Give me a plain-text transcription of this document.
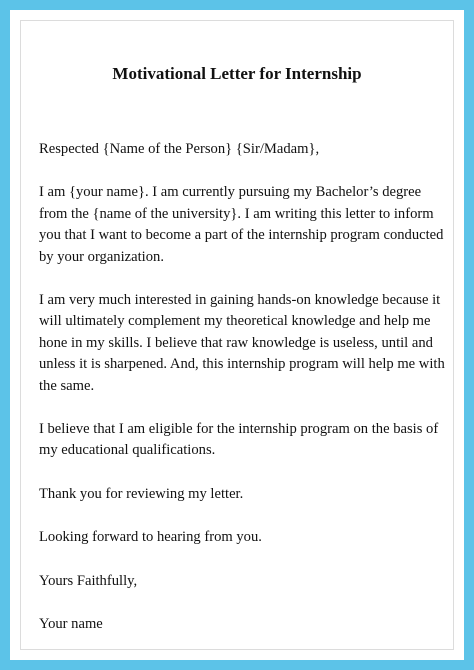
Motivational Letter for Internship

Respected {Name of the Person} {Sir/Madam},

I am {your name}. I am currently pursuing my Bachelor’s degree from the {name of the university}. I am writing this letter to inform you that I want to become a part of the internship program conducted by your organization.

I am very much interested in gaining hands-on knowledge because it will ultimately complement my theoretical knowledge and help me hone in my skills. I believe that raw knowledge is useless, until and unless it is sharpened. And, this internship program will help me with the same.

I believe that I am eligible for the internship program on the basis of my educational qualifications.

Thank you for reviewing my letter.

Looking forward to hearing from you.

Yours Faithfully,

Your name
